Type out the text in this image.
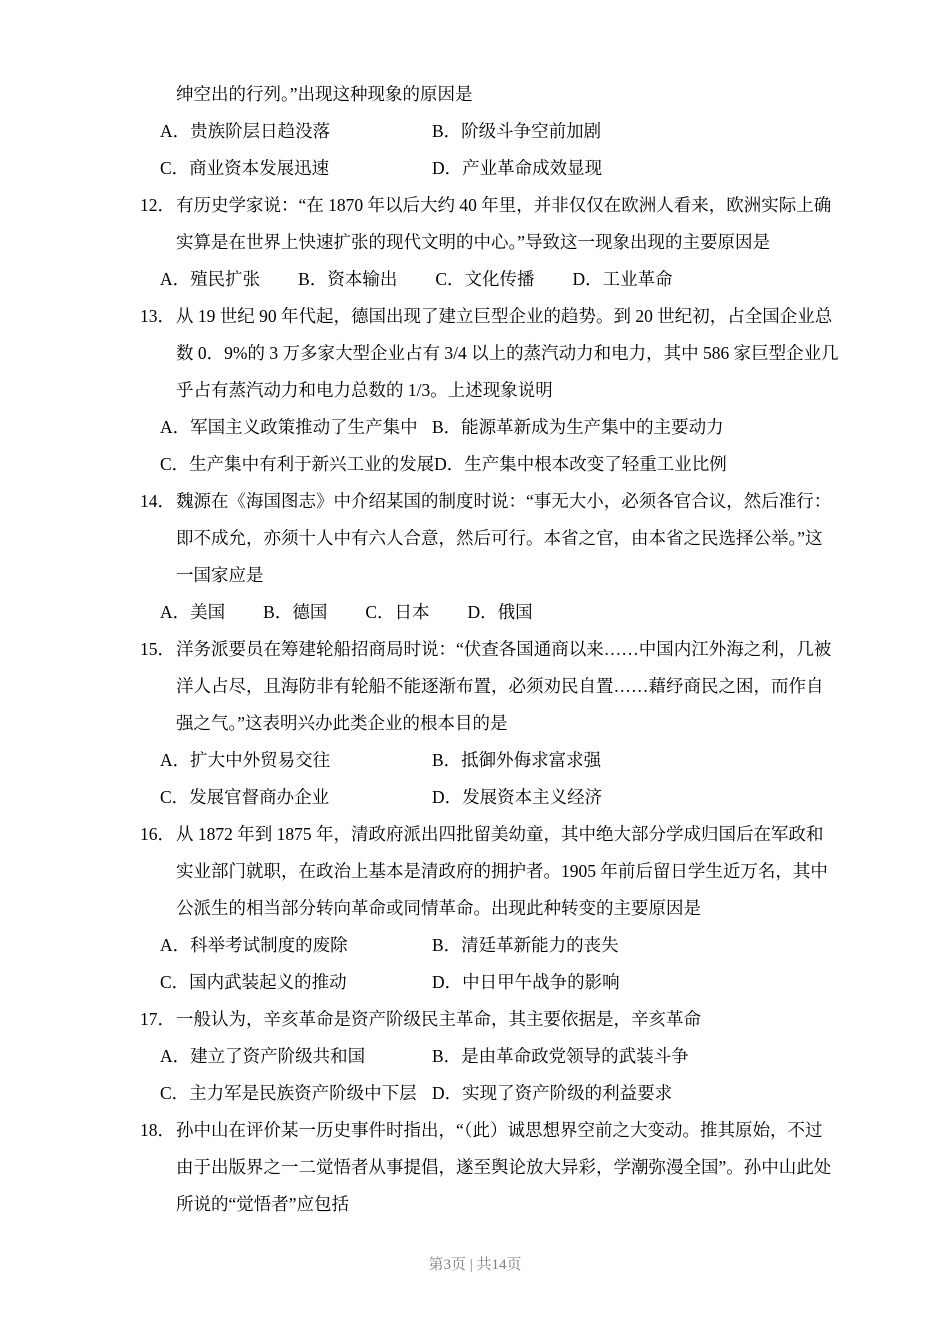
绅空出的行列。”出现这种现象的原因是
A．贵族阶层日趋没落	B．阶级斗争空前加剧
C．商业资本发展迅速	D．产业革命成效显现
12．有历史学家说：“在 1870 年以后大约 40 年里，并非仅仅在欧洲人看来，欧洲实际上确
实算是在世界上快速扩张的现代文明的中心。”导致这一现象出现的主要原因是
A．殖民扩张 B．资本输出 C．文化传播 D．工业革命
13．从 19 世纪 90 年代起，德国出现了建立巨型企业的趋势。到 20 世纪初，占全国企业总
数 0．9%的 3 万多家大型企业占有 3/4 以上的蒸汽动力和电力，其中 586 家巨型企业几
乎占有蒸汽动力和电力总数的 1/3。上述现象说明
A．军国主义政策推动了生产集中 B．能源革新成为生产集中的主要动力
C．生产集中有利于新兴工业的发展 D．生产集中根本改变了轻重工业比例
14．魏源在《海国图志》中介绍某国的制度时说：“事无大小，必须各官合议，然后准行：
即不成允，亦须十人中有六人合意，然后可行。本省之官，由本省之民选择公举。”这
一国家应是
A．美国 B．德国 C．日本 D．俄国
15．洋务派要员在筹建轮船招商局时说：“伏查各国通商以来……中国内江外海之利，几被
洋人占尽，且海防非有轮船不能逐渐布置，必须劝民自置……藉纾商民之困，而作自
强之气。”这表明兴办此类企业的根本目的是
A．扩大中外贸易交往	B．抵御外侮求富求强
C．发展官督商办企业	D．发展资本主义经济
16．从 1872 年到 1875 年，清政府派出四批留美幼童，其中绝大部分学成归国后在军政和
实业部门就职，在政治上基本是清政府的拥护者。1905 年前后留日学生近万名，其中
公派生的相当部分转向革命或同情革命。出现此种转变的主要原因是
A．科举考试制度的废除	B．清廷革新能力的丧失
C．国内武装起义的推动	D．中日甲午战争的影响
17．一般认为，辛亥革命是资产阶级民主革命，其主要依据是，辛亥革命
A．建立了资产阶级共和国	B．是由革命政党领导的武装斗争
C．主力军是民族资产阶级中下层 D．实现了资产阶级的利益要求
18．孙中山在评价某一历史事件时指出，“（此）诚思想界空前之大变动。推其原始，不过
由于出版界之一二觉悟者从事提倡，遂至舆论放大异彩，学潮弥漫全国”。孙中山此处
所说的“觉悟者”应包括
第3页 | 共14页
